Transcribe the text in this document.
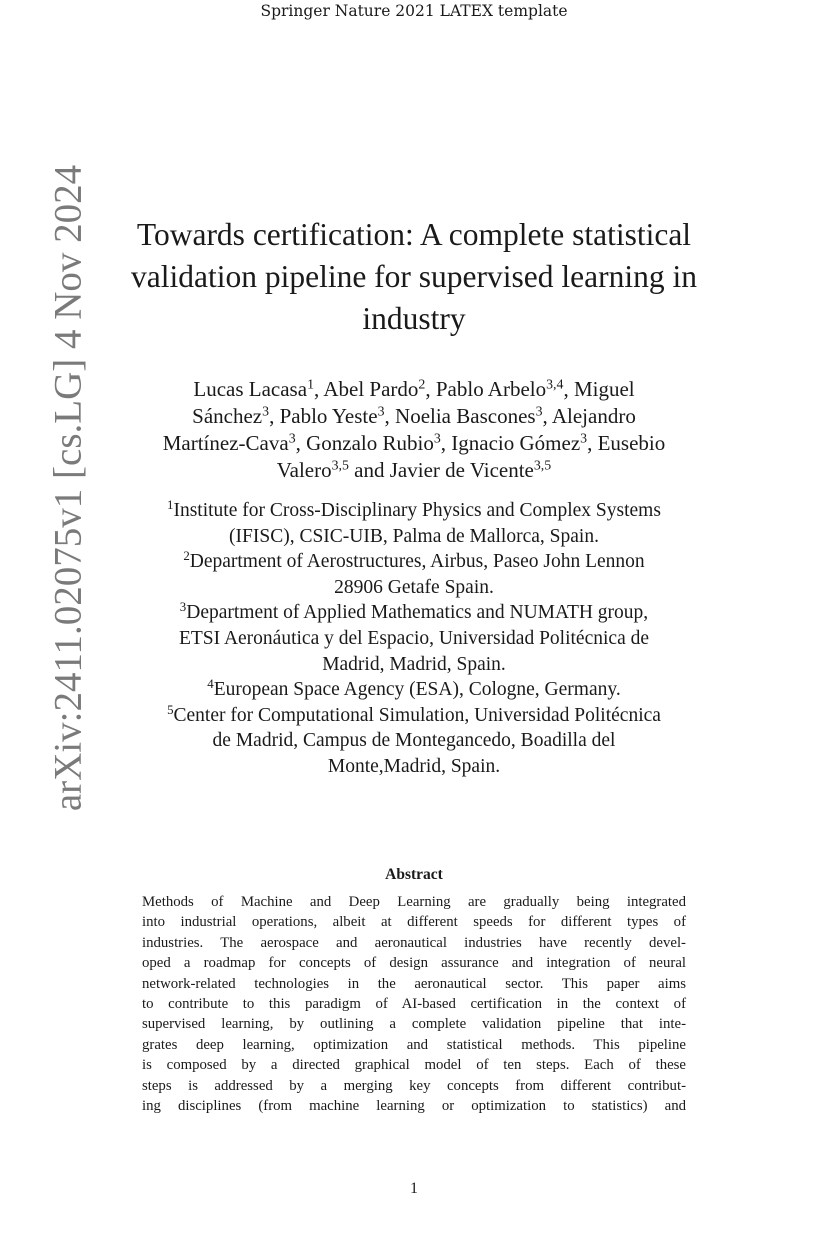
Springer Nature 2021 LATEX template
arXiv:2411.02075v1 [cs.LG] 4 Nov 2024	Towards certification: A complete statistical
validation pipeline for supervised learning in
industry
Lucas Lacasa$^1$, Abel Pardo$^2$, Pablo Arbelo$^{3,4}$, Miguel
Sánchez$^3$, Pablo Yeste$^3$, Noelia Bascones$^3$, Alejandro
Martínez-Cava$^3$, Gonzalo Rubio$^3$, Ignacio Gómez$^3$, Eusebio
Valero$^{3,5}$ and Javier de Vicente$^{3,5}$
$^1$Institute for Cross-Disciplinary Physics and Complex Systems
(IFISC), CSIC-UIB, Palma de Mallorca, Spain.
$^2$Department of Aerostructures, Airbus, Paseo John Lennon
28906 Getafe Spain.
$^3$Department of Applied Mathematics and NUMATH group,
ETSI Aeronáutica y del Espacio, Universidad Politécnica de
Madrid, Madrid, Spain.
$^4$European Space Agency (ESA), Cologne, Germany.
$^5$Center for Computational Simulation, Universidad Politécnica
de Madrid, Campus de Montegancedo, Boadilla del
Monte,Madrid, Spain.
Abstract
Methods of Machine and Deep Learning are gradually being integrated
into industrial operations, albeit at different speeds for different types of
industries. The aerospace and aeronautical industries have recently devel-
oped a roadmap for concepts of design assurance and integration of neural
network-related technologies in the aeronautical sector. This paper aims
to contribute to this paradigm of AI-based certification in the context of
supervised learning, by outlining a complete validation pipeline that inte-
grates deep learning, optimization and statistical methods. This pipeline
is composed by a directed graphical model of ten steps. Each of these
steps is addressed by a merging key concepts from different contribut-
ing disciplines (from machine learning or optimization to statistics) and
1
